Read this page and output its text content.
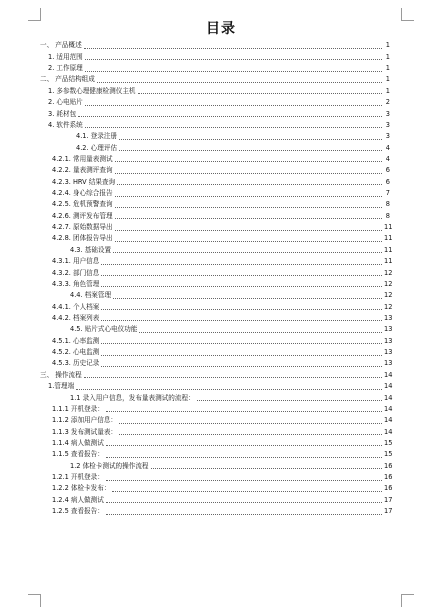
目录
一、 产品概述	1
1. 适用范围	1
2. 工作原理	1
二、 产品结构组成	1
1. 多参数心理健康检测仪主机	1
2. 心电贴片	2
3. 耗材包	3
4. 软件系统	3
4.1. 登录注册	3
4.2. 心理评估	4
4.2.1. 常用量表测试	4
4.2.2. 量表测评查询	6
4.2.3. HRV 结果查询	6
4.2.4. 身心综合报告	7
4.2.5. 危机预警查询	8
4.2.6. 测评发布管理	8
4.2.7. 原始数据导出	11
4.2.8. 团体报告导出	11
4.3. 基础设置	11
4.3.1. 用户信息	11
4.3.2. 部门信息	12
4.3.3. 角色管理	12
4.4. 档案管理	12
4.4.1. 个人档案	12
4.4.2. 档案列表	13
4.5. 贴片式心电仪功能	13
4.5.1. 心率监测	13
4.5.2. 心电监测	13
4.5.3. 历史记录	13
三、 操作流程	14
1.管理端	14
1.1 录入用户信息，发布量表测试的流程：	14
1.1.1 开机登录：	14
1.1.2 添加用户信息：	14
1.1.3 发布测试量表：	14
1.1.4 病人做测试	15
1.1.5 查看报告：	15
1.2 体检卡测试的操作流程	16
1.2.1 开机登录：	16
1.2.2 体检卡发布：	16
1.2.4 病人做测试	17
1.2.5 查看报告：	17
